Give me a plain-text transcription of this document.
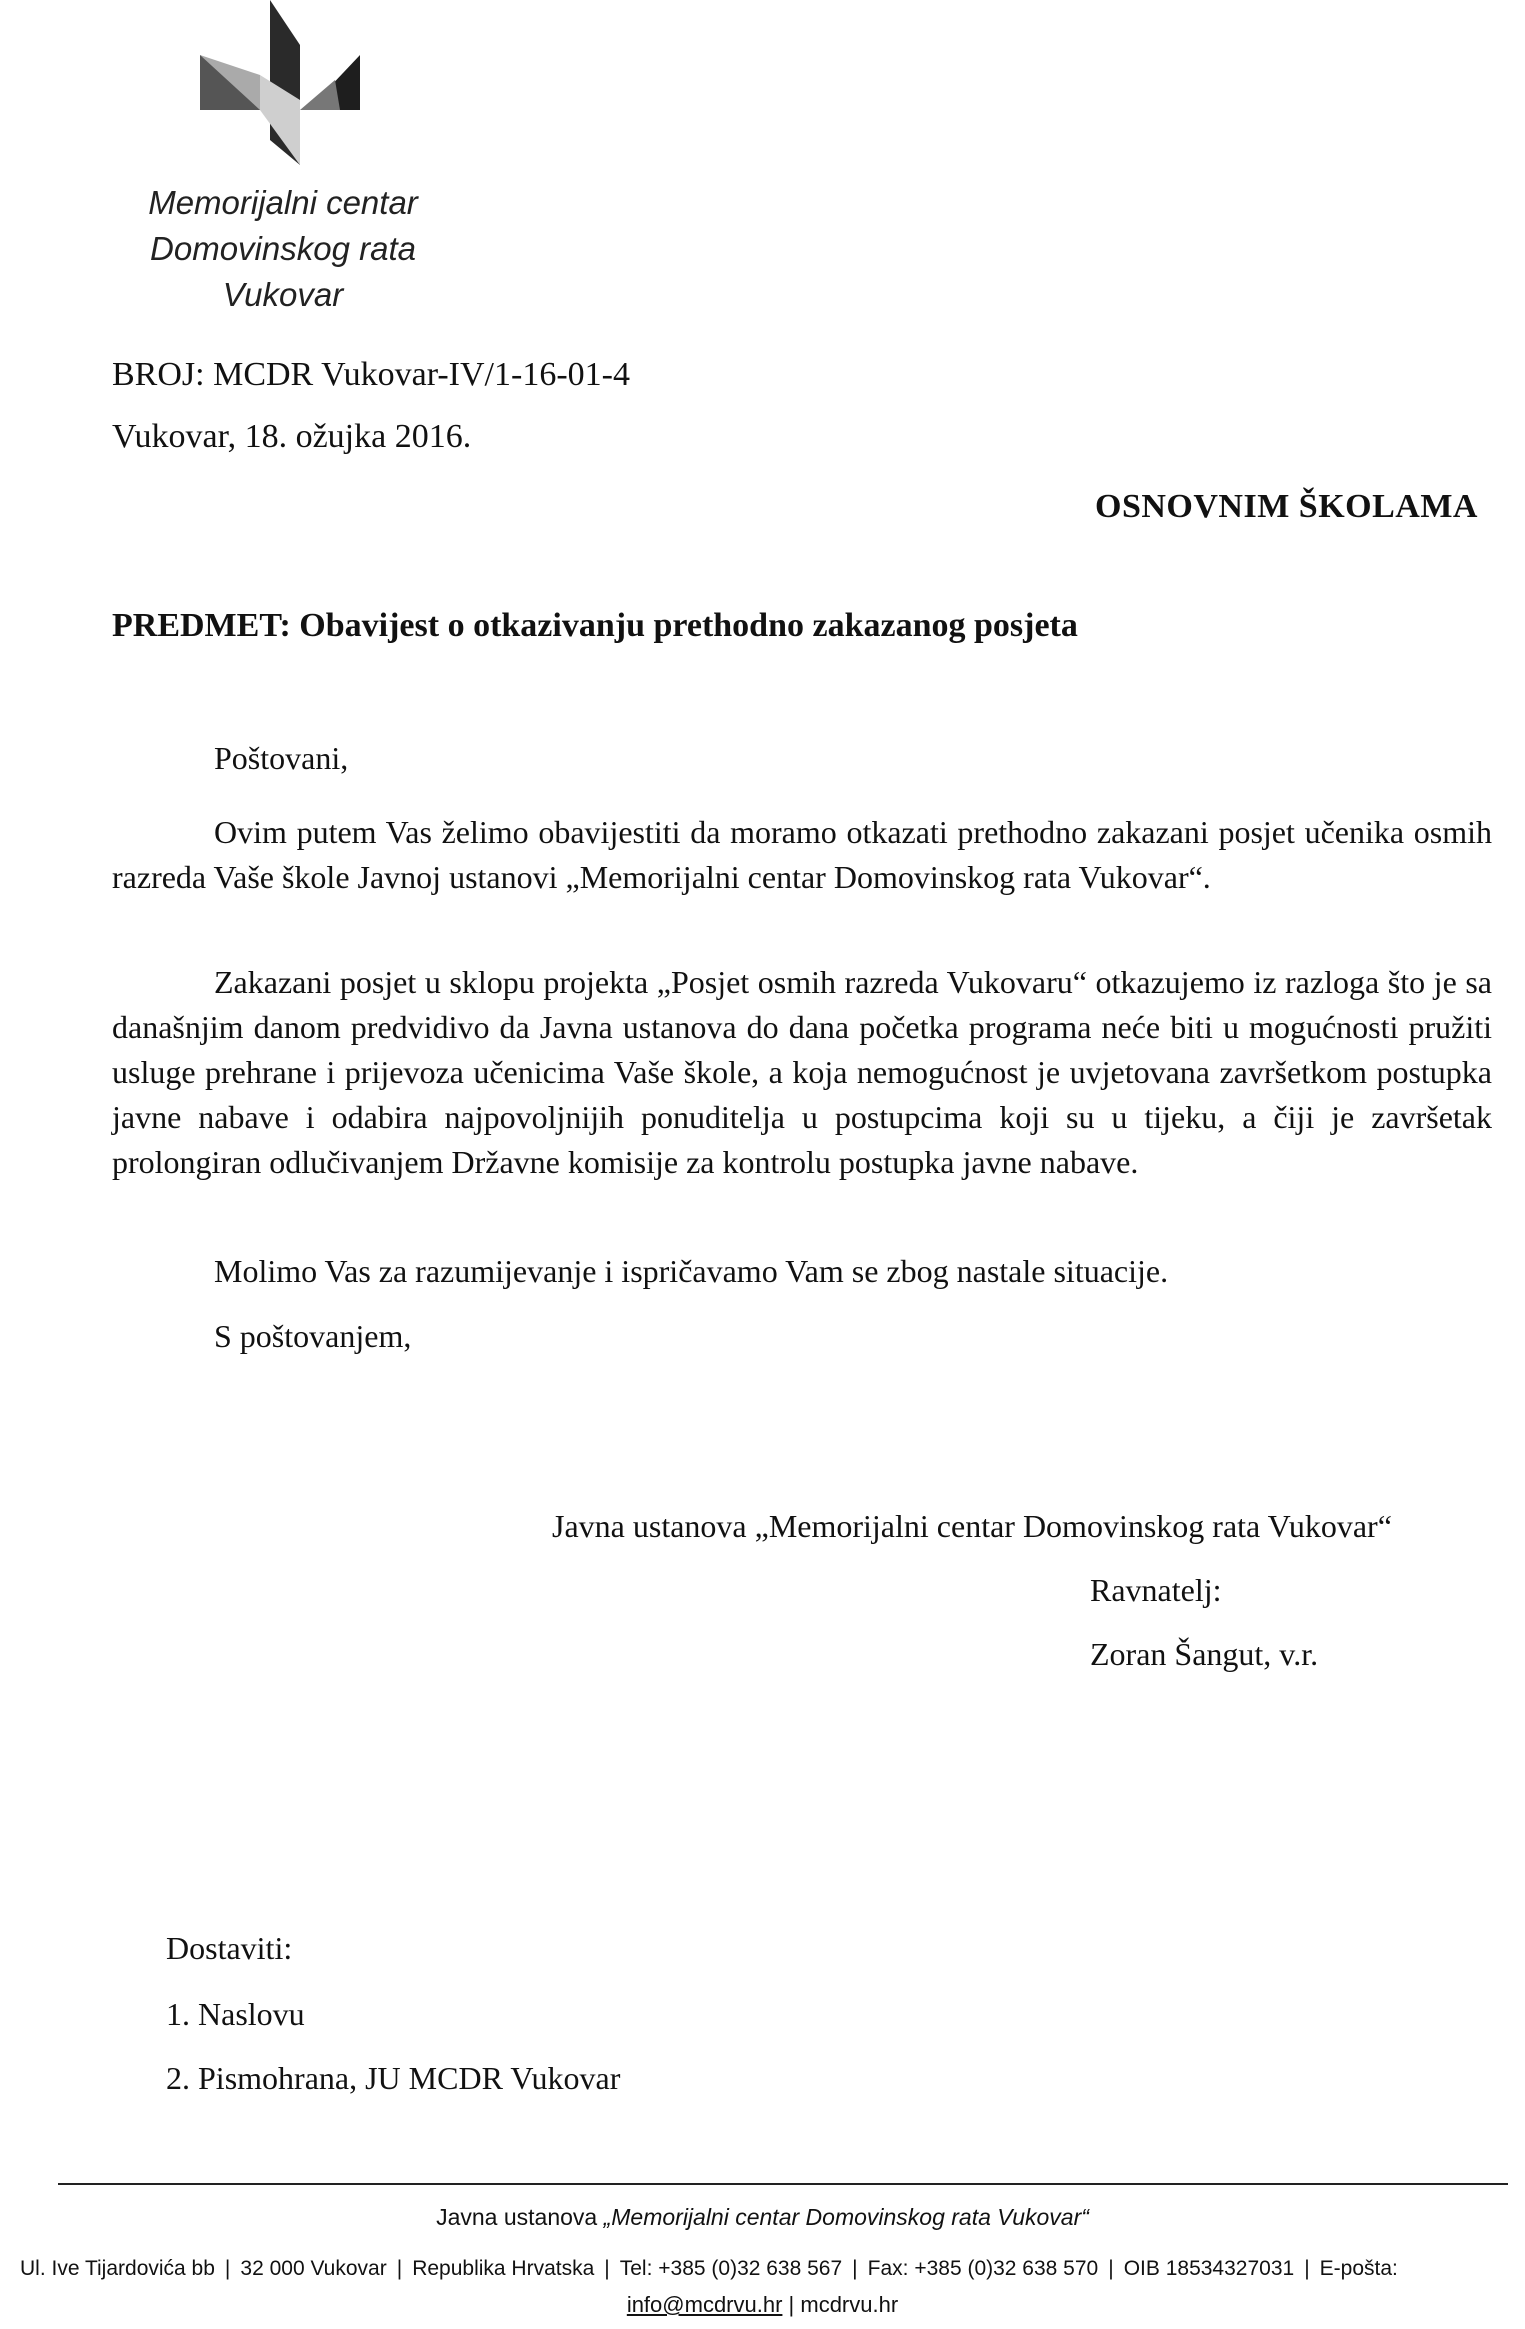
Memorijalni centar
Domovinskog rata
Vukovar
BROJ: MCDR Vukovar-IV/1-16-01-4
Vukovar, 18. ožujka 2016.
OSNOVNIM ŠKOLAMA
PREDMET: Obavijest o otkazivanju prethodno zakazanog posjeta
Poštovani,
Ovim putem Vas želimo obavijestiti da moramo otkazati prethodno zakazani posjet učenika osmih razreda Vaše škole Javnoj ustanovi „Memorijalni centar Domovinskog rata Vukovar“.
Zakazani posjet u sklopu projekta „Posjet osmih razreda Vukovaru“ otkazujemo iz razloga što je sa današnjim danom predvidivo da Javna ustanova do dana početka programa neće biti u mogućnosti pružiti usluge prehrane i prijevoza učenicima Vaše škole, a koja nemogućnost je uvjetovana završetkom postupka javne nabave i odabira najpovoljnijih ponuditelja u postupcima koji su u tijeku, a čiji je završetak prolongiran odlučivanjem Državne komisije za kontrolu postupka javne nabave.
Molimo Vas za razumijevanje i ispričavamo Vam se zbog nastale situacije.
S poštovanjem,
Javna ustanova „Memorijalni centar Domovinskog rata Vukovar“
Ravnatelj:
Zoran Šangut, v.r.
Dostaviti:
1. Naslovu
2. Pismohrana, JU MCDR Vukovar
Javna ustanova „Memorijalni centar Domovinskog rata Vukovar“
Ul. Ive Tijardovića bb | 32 000 Vukovar | Republika Hrvatska | Tel: +385 (0)32 638 567 | Fax: +385 (0)32 638 570 | OIB 18534327031 | E-pošta:
info@mcdrvu.hr | mcdrvu.hr
